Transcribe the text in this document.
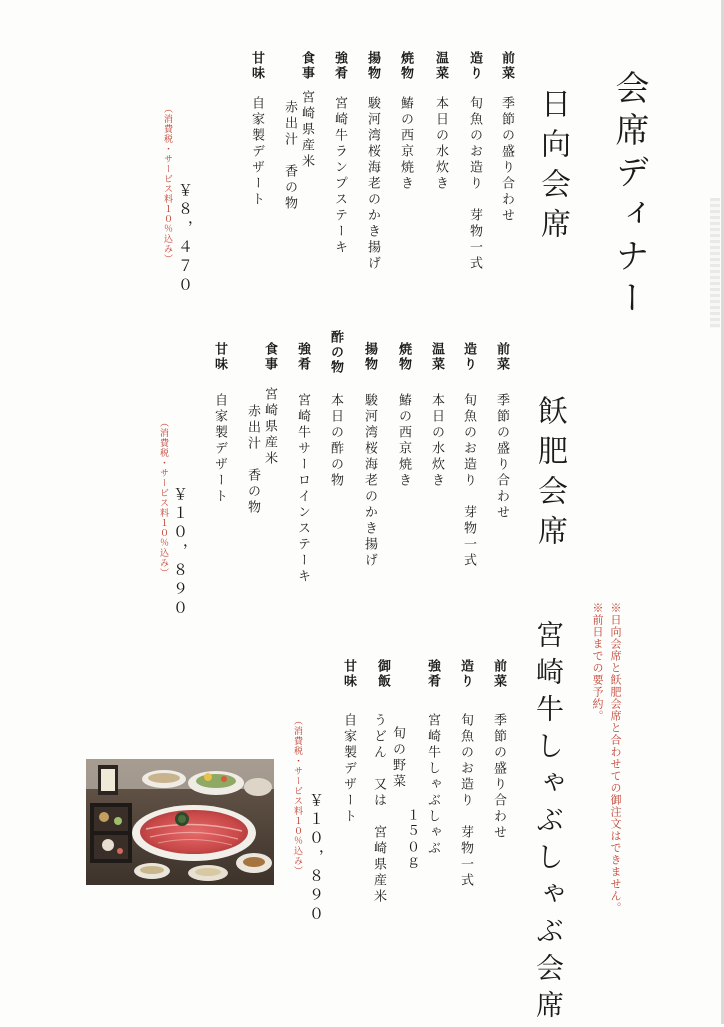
会席ディナー
日向会席
前菜
季節の盛り合わせ
造り
旬魚のお造り　芽物一式
温菜
本日の水炊き
焼物
鰆の西京焼き
揚物
駿河湾桜海老のかき揚げ
強肴
宮崎牛ランプステーキ
食事
宮崎県産米
赤出汁　香の物
甘味
自家製デザート
￥８，４７０
（消費税・サービス料１０％込み）
飫肥会席
前菜
季節の盛り合わせ
造り
旬魚のお造り　芽物一式
温菜
本日の水炊き
焼物
鰆の西京焼き
揚物
駿河湾桜海老のかき揚げ
酢の物
本日の酢の物
強肴
宮崎牛サーロインステーキ
食事
宮崎県産米
赤出汁　香の物
甘味
自家製デザート
￥１０，８９０
（消費税・サービス料１０％込み）
宮崎牛しゃぶしゃぶ会席
前菜
季節の盛り合わせ
造り
旬魚のお造り　芽物一式
強肴
宮崎牛しゃぶしゃぶ
１５０ｇ
御飯
旬の野菜
うどん　又は　宮崎県産米
甘味
自家製デザート
￥１０，８９０
（消費税・サービス料１０％込み）	※日向会席と飫肥会席と合わせての御注文はできません。
※前日までの要予約。
